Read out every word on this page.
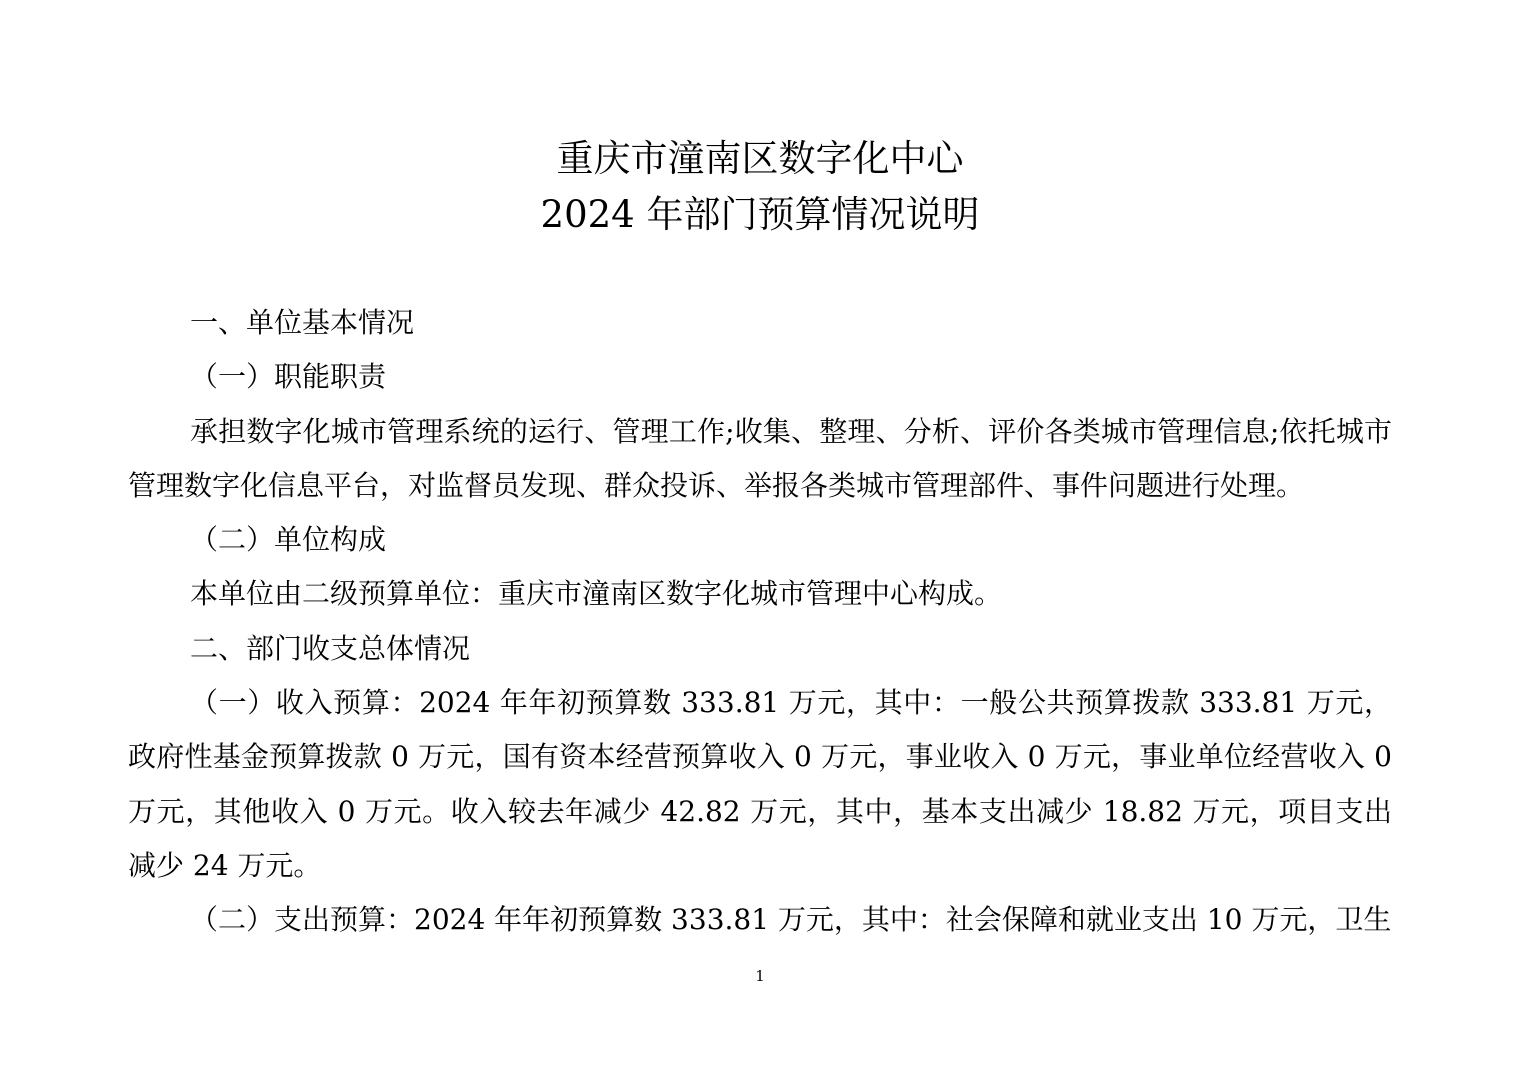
重庆市潼南区数字化中心
2024 年部门预算情况说明

一、单位基本情况

（一）职能职责

承担数字化城市管理系统的运行、管理工作;收集、整理、分析、评价各类城市管理信息;依托城市管理数字化信息平台，对监督员发现、群众投诉、举报各类城市管理部件、事件问题进行处理。

（二）单位构成

本单位由二级预算单位：重庆市潼南区数字化城市管理中心构成。

二、部门收支总体情况

（一）收入预算：2024 年年初预算数 333.81 万元，其中：一般公共预算拨款 333.81 万元，政府性基金预算拨款 0 万元，国有资本经营预算收入 0 万元，事业收入 0 万元，事业单位经营收入 0 万元，其他收入 0 万元。收入较去年减少 42.82 万元，其中，基本支出减少 18.82 万元，项目支出减少 24 万元。

（二）支出预算：2024 年年初预算数 333.81 万元，其中：社会保障和就业支出 10 万元，卫生

1
